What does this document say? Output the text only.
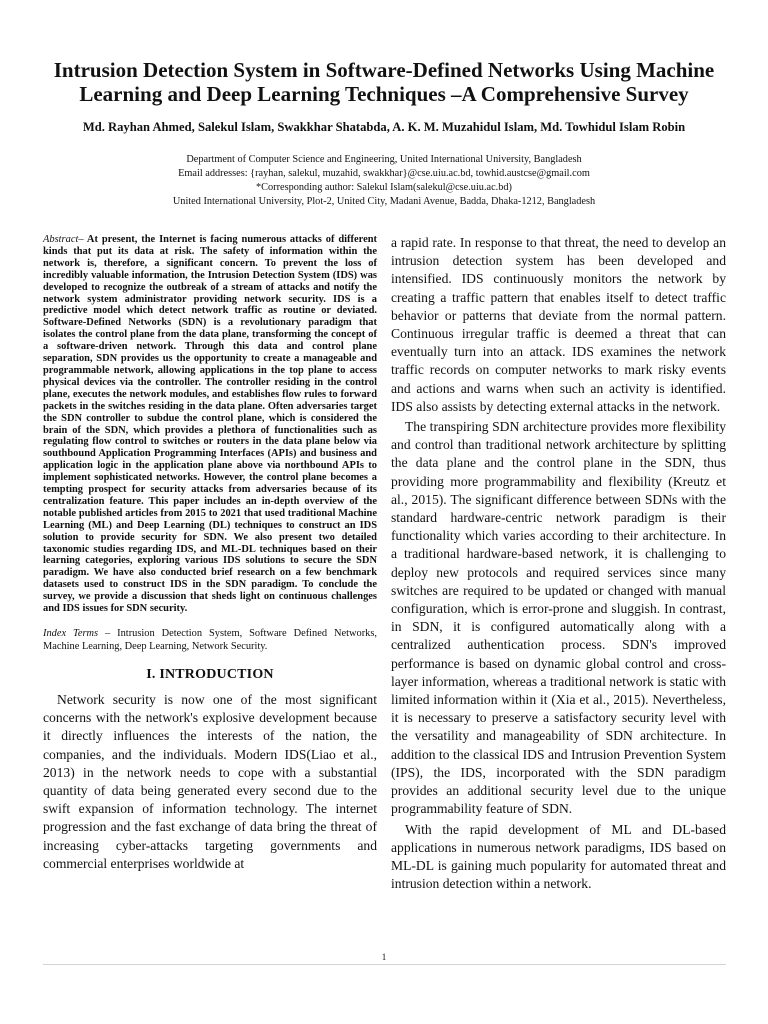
Intrusion Detection System in Software-Defined Networks Using Machine Learning and Deep Learning Techniques –A Comprehensive Survey
Md. Rayhan Ahmed, Salekul Islam, Swakkhar Shatabda, A. K. M. Muzahidul Islam, Md. Towhidul Islam Robin
Department of Computer Science and Engineering, United International University, Bangladesh
Email addresses: {rayhan, salekul, muzahid, swakkhar}@cse.uiu.ac.bd, towhid.austcse@gmail.com
*Corresponding author: Salekul Islam(salekul@cse.uiu.ac.bd)
United International University, Plot-2, United City, Madani Avenue, Badda, Dhaka-1212, Bangladesh

Abstract– At present, the Internet is facing numerous attacks of different kinds that put its data at risk. The safety of information within the network is, therefore, a significant concern. To prevent the loss of incredibly valuable information, the Intrusion Detection System (IDS) was developed to recognize the outbreak of a stream of attacks and notify the network system administrator providing network security. IDS is a predictive model which detect network traffic as routine or deviated. Software-Defined Networks (SDN) is a revolutionary paradigm that isolates the control plane from the data plane, transforming the concept of a software-driven network. Through this data and control plane separation, SDN provides us the opportunity to create a manageable and programmable network, allowing applications in the top plane to access physical devices via the controller. The controller residing in the control plane, executes the network modules, and establishes flow rules to forward packets in the switches residing in the data plane. Often adversaries target the SDN controller to subdue the control plane, which is considered the brain of the SDN, which provides a plethora of functionalities such as regulating flow control to switches or routers in the data plane below via southbound Application Programming Interfaces (APIs) and business and application logic in the application plane above via northbound APIs to implement sophisticated networks. However, the control plane becomes a tempting prospect for security attacks from adversaries because of its centralization feature. This paper includes an in-depth overview of the notable published articles from 2015 to 2021 that used traditional Machine Learning (ML) and Deep Learning (DL) techniques to construct an IDS solution to provide security for SDN. We also present two detailed taxonomic studies regarding IDS, and ML-DL techniques based on their learning categories, exploring various IDS solutions to secure the SDN paradigm. We have also conducted brief research on a few benchmark datasets used to construct IDS in the SDN paradigm. To conclude the survey, we provide a discussion that sheds light on continuous challenges and IDS issues for SDN security.

Index Terms – Intrusion Detection System, Software Defined Networks, Machine Learning, Deep Learning, Network Security.

I. INTRODUCTION

Network security is now one of the most significant concerns with the network's explosive development because it directly influences the interests of the nation, the companies, and the individuals. Modern IDS(Liao et al., 2013) in the network needs to cope with a substantial quantity of data being generated every second due to the swift expansion of information technology. The internet progression and the fast exchange of data bring the threat of increasing cyber-attacks targeting governments and commercial enterprises worldwide at

a rapid rate. In response to that threat, the need to develop an intrusion detection system has been developed and intensified. IDS continuously monitors the network by creating a traffic pattern that enables itself to detect traffic behavior or patterns that deviate from the normal pattern. Continuous irregular traffic is deemed a threat that can eventually turn into an attack. IDS examines the network traffic records on computer networks to mark risky events and actions and warns when such an activity is identified. IDS also assists by detecting external attacks in the network.

The transpiring SDN architecture provides more flexibility and control than traditional network architecture by splitting the data plane and the control plane in the SDN, thus providing more programmability and flexibility (Kreutz et al., 2015). The significant difference between SDNs with the standard hardware-centric network paradigm is their functionality which varies according to their architecture. In a traditional hardware-based network, it is challenging to deploy new protocols and required services since many switches are required to be updated or changed with manual configuration, which is error-prone and sluggish. In contrast, in SDN, it is configured automatically along with a centralized authentication process. SDN's improved performance is based on dynamic global control and cross-layer information, whereas a traditional network is static with limited information within it (Xia et al., 2015). Nevertheless, it is necessary to preserve a satisfactory security level with the versatility and manageability of SDN architecture. In addition to the classical IDS and Intrusion Prevention System (IPS), the IDS, incorporated with the SDN paradigm provides an additional security level due to the unique programmability feature of SDN.

With the rapid development of ML and DL-based applications in numerous network paradigms, IDS based on ML-DL is gaining much popularity for automated threat and intrusion detection within a network.

1
